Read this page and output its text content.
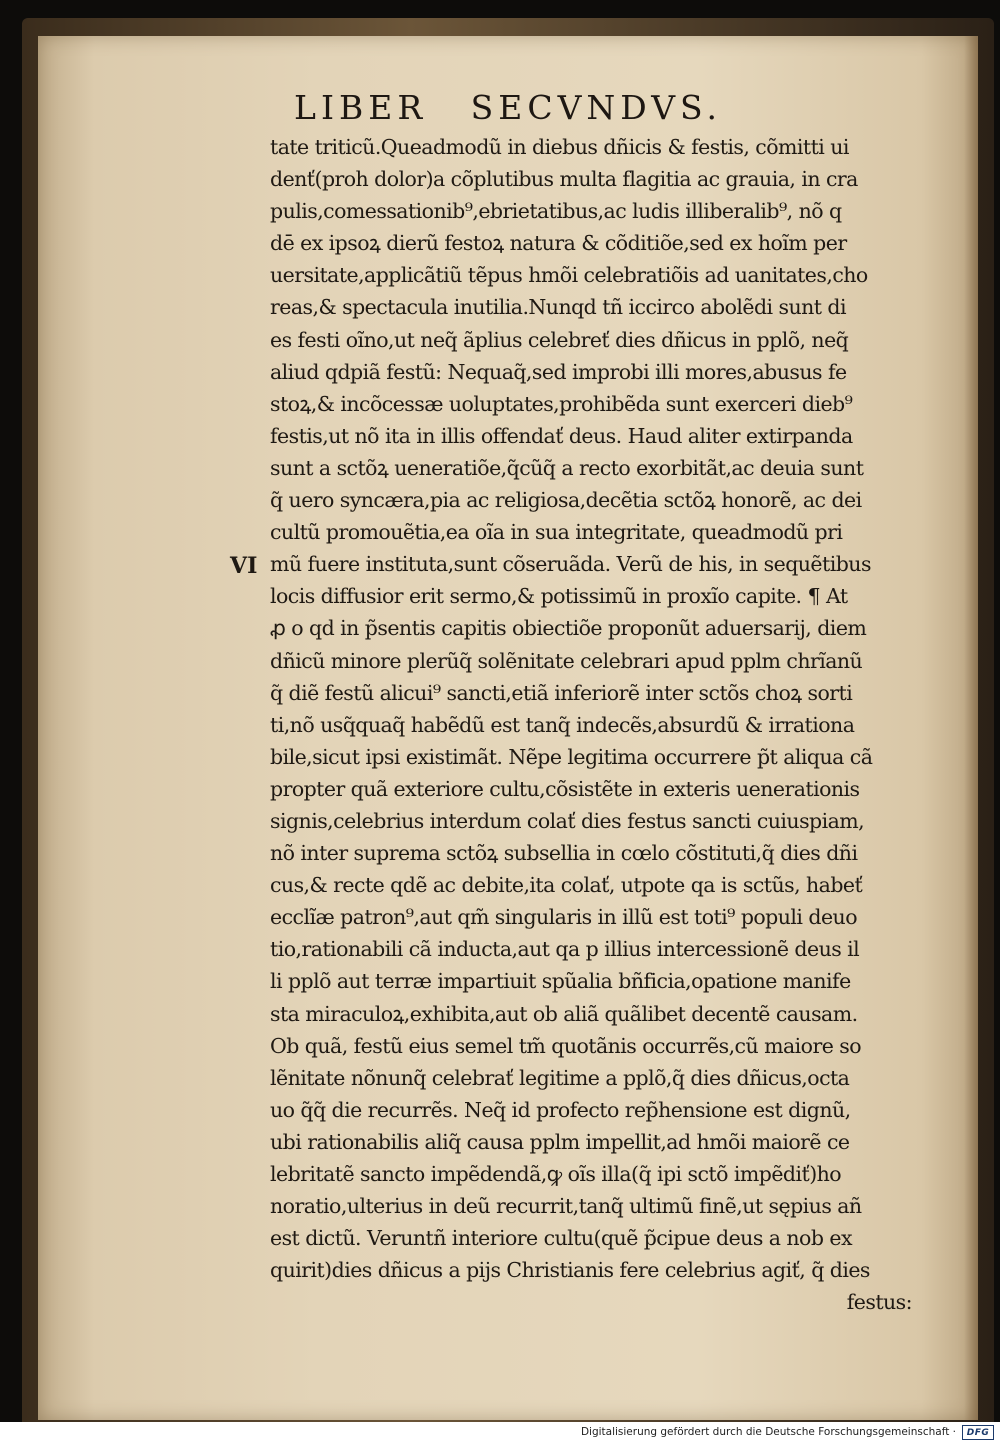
LIBER SECVNDVS.
VI
tate triticũ.Queadmodũ in diebus dñicis & festis, cõmitti ui
denť(proh dolor)a cõplutibus multa flagitia ac grauia, in cra
pulis,comessationib⁹,ebrietatibus,ac ludis illiberalib⁹, nõ q
dē ex ipsoꝝ dierũ festoꝝ natura & cõditiõe,sed ex hoĩm per
uersitate,applicãtiũ tẽpus hmõi celebratiõis ad uanitates,cho
reas,& spectacula inutilia.Nunqd tñ iccirco abolẽdi sunt di
es festi oĩno,ut neq̃ ãplius celebreť dies dñicus in pplõ, neq̃
aliud qdpiã festũ: Nequaq̃,sed improbi illi mores,abusus fe
stoꝝ,& incõcessæ uoluptates,prohibẽda sunt exerceri dieb⁹
festis,ut nõ ita in illis offendať deus. Haud aliter extirpanda
sunt a sctõꝝ ueneratiõe,q̃cũq̃ a recto exorbitãt,ac deuia sunt
q̃ uero syncæra,pia ac religiosa,decẽtia sctõꝝ honorẽ, ac dei
cultũ promouẽtia,ea oĩa in sua integritate, queadmodũ pri
mũ fuere instituta,sunt cõseruãda. Verũ de his, in sequẽtibus
locis diffusior erit sermo,& potissimũ in proxĩo capite. ¶ At
ꝓ o qd in p̃sentis capitis obiectiõe proponũt aduersarij, diem
dñicũ minore plerũq̃ solẽnitate celebrari apud pplm chrĩanũ
q̃ diẽ festũ alicui⁹ sancti,etiã inferiorẽ inter sctõs choꝝ sorti
ti,nõ usq̃quaq̃ habẽdũ est tanq̃ indecẽs,absurdũ & irrationa
bile,sicut ipsi existimãt. Nẽpe legitima occurrere p̃t aliqua cã
propter quã exteriore cultu,cõsistẽte in exteris uenerationis
signis,celebrius interdum colať dies festus sancti cuiuspiam,
nõ inter suprema sctõꝝ subsellia in cœlo cõstituti,q̃ dies dñi
cus,& recte qdẽ ac debite,ita colať, utpote qa is sctũs, habeť
ecclĩæ patron⁹,aut qm̃ singularis in illũ est toti⁹ populi deuo
tio,rationabili cã inducta,aut qa p illius intercessionẽ deus il
li pplõ aut terræ impartiuit spũalia bñficia,opatione manife
sta miraculoꝝ,exhibita,aut ob aliã quãlibet decentẽ causam.
Ob quã, festũ eius semel tm̃ quotãnis occurrẽs,cũ maiore so
lẽnitate nõnunq̃ celebrať legitime a pplõ,q̃ dies dñicus,octa
uo q̃q̃ die recurrẽs. Neq̃ id profecto rep̃hensione est dignũ,
ubi rationabilis aliq̃ causa pplm impellit,ad hmõi maiorẽ ce
lebritatẽ sancto impẽdendã,ꝙ oĩs illa(q̃ ipi sctõ impẽdiť)ho
noratio,ulterius in deũ recurrit,tanq̃ ultimũ finẽ,ut sępius añ
est dictũ. Veruntñ interiore cultu(quẽ p̃cipue deus a nob ex
quirit)dies dñicus a pijs Christianis fere celebrius agiť, q̃ dies
festus:
Digitalisierung gefördert durch die Deutsche Forschungsgemeinschaft ·	DFG
